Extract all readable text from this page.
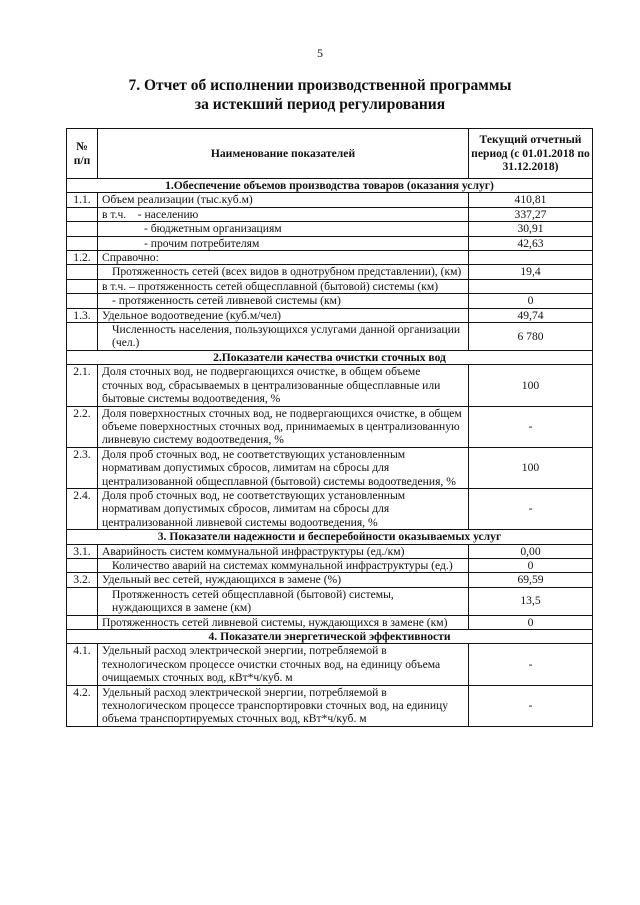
5
7. Отчет об исполнении производственной программы
за истекший период регулирования
№ п/п	Наименование показателей	Текущий отчетный период (с 01.01.2018 по 31.12.2018)
1.Обеспечение объемов производства товаров (оказания услуг)		
1.1.	Объем реализации (тыс.куб.м)	410,81
	в т.ч.    - населению	337,27
	- бюджетным организациям	30,91
	- прочим потребителям	42,63
1.2.	Справочно:	
	Протяженность сетей (всех видов в однотрубном представлении), (км)	19,4
	в т.ч. – протяженность сетей общесплавной (бытовой) системы (км)	
	- протяженность сетей ливневой системы (км)	0
1.3.	Удельное водоотведение (куб.м/чел)	49,74
	Численность населения, пользующихся услугами данной организации (чел.)	6 780
2.Показатели качества очистки сточных вод		
2.1.	Доля сточных вод, не подвергающихся очистке, в общем объеме сточных вод, сбрасываемых в централизованные общесплавные или бытовые системы водоотведения, %	100
2.2.	Доля поверхностных сточных вод, не подвергающихся очистке, в общем объеме поверхностных сточных вод, принимаемых в централизованную ливневую систему водоотведения, %	-
2.3.	Доля проб сточных вод, не соответствующих установленным нормативам допустимых сбросов, лимитам на сбросы для централизованной общесплавной (бытовой) системы водоотведения, %	100
2.4.	Доля проб сточных вод, не соответствующих установленным нормативам допустимых сбросов, лимитам на сбросы для централизованной ливневой системы водоотведения, %	-
3. Показатели надежности и бесперебойности оказываемых услуг		
3.1.	Аварийность систем коммунальной инфраструктуры (ед./км)	0,00
	Количество аварий на системах коммунальной инфраструктуры (ед.)	0
3.2.	Удельный вес сетей, нуждающихся в замене (%)	69,59
	Протяженность сетей общесплавной (бытовой) системы, нуждающихся в замене (км)	13,5
	Протяженность сетей ливневой системы, нуждающихся в замене (км)	0
4. Показатели энергетической эффективности		
4.1.	Удельный расход электрической энергии, потребляемой в технологическом процессе очистки сточных вод, на единицу объема очищаемых сточных вод, кВт*ч/куб. м	-
4.2.	Удельный расход электрической энергии, потребляемой в технологическом процессе транспортировки сточных вод, на единицу объема транспортируемых сточных вод, кВт*ч/куб. м	-
